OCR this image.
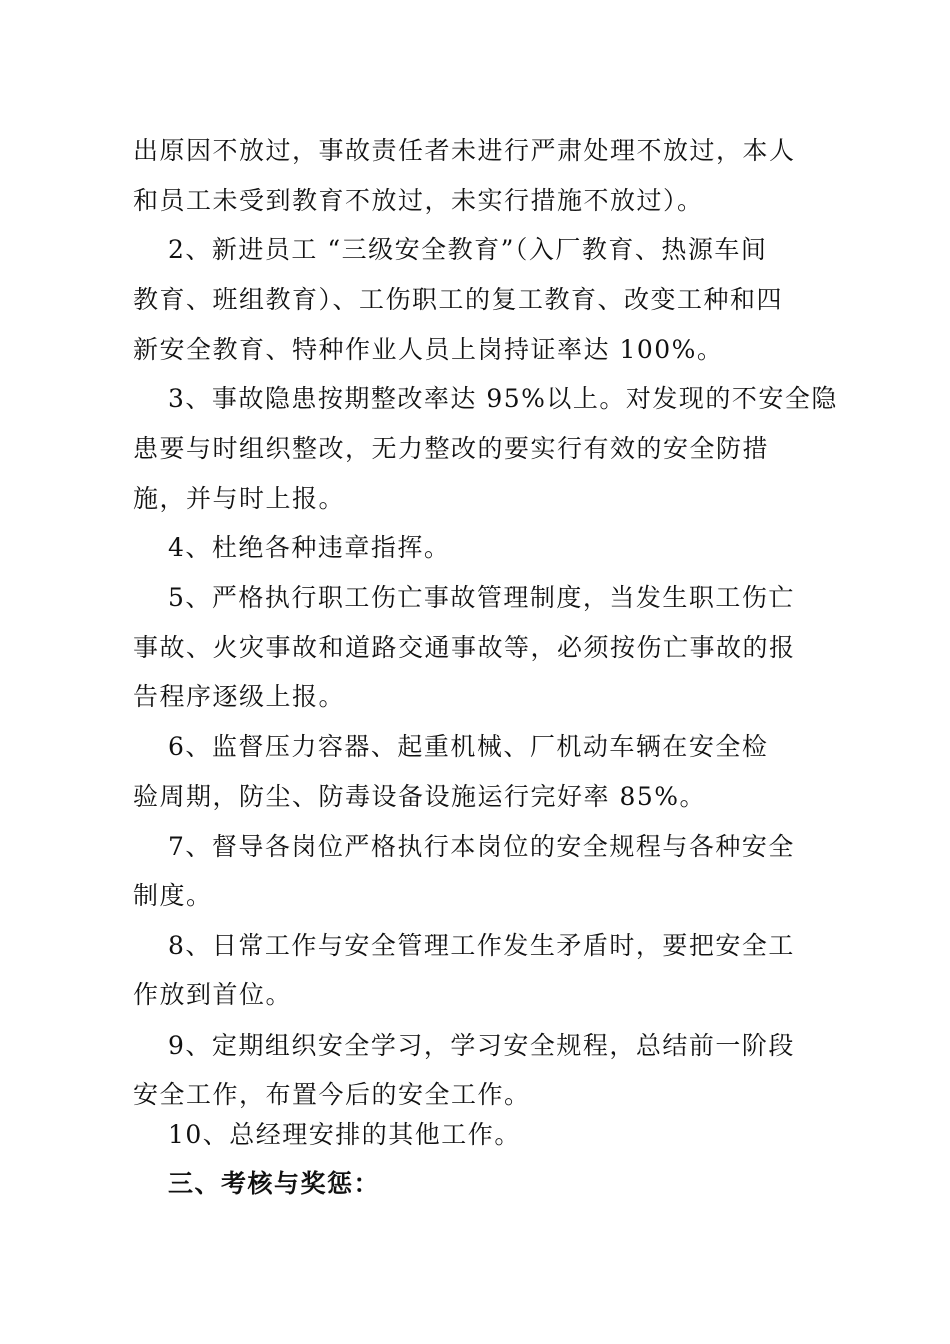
出原因不放过，事故责任者未进行严肃处理不放过，本人
和员工未受到教育不放过，未实行措施不放过）。
2、新进员工 “三级安全教育”（入厂教育、热源车间
教育、班组教育）、工伤职工的复工教育、改变工种和四
新安全教育、特种作业人员上岗持证率达 100%。
3、事故隐患按期整改率达 95%以上。对发现的不安全隐
患要与时组织整改，无力整改的要实行有效的安全防措
施，并与时上报。
4、杜绝各种违章指挥。
5、严格执行职工伤亡事故管理制度，当发生职工伤亡
事故、火灾事故和道路交通事故等，必须按伤亡事故的报
告程序逐级上报。
6、监督压力容器、起重机械、厂机动车辆在安全检
验周期，防尘、防毒设备设施运行完好率 85%。
7、督导各岗位严格执行本岗位的安全规程与各种安全
制度。
8、日常工作与安全管理工作发生矛盾时，要把安全工
作放到首位。
9、定期组织安全学习，学习安全规程，总结前一阶段
安全工作，布置今后的安全工作。
10、总经理安排的其他工作。
三、考核与奖惩：
